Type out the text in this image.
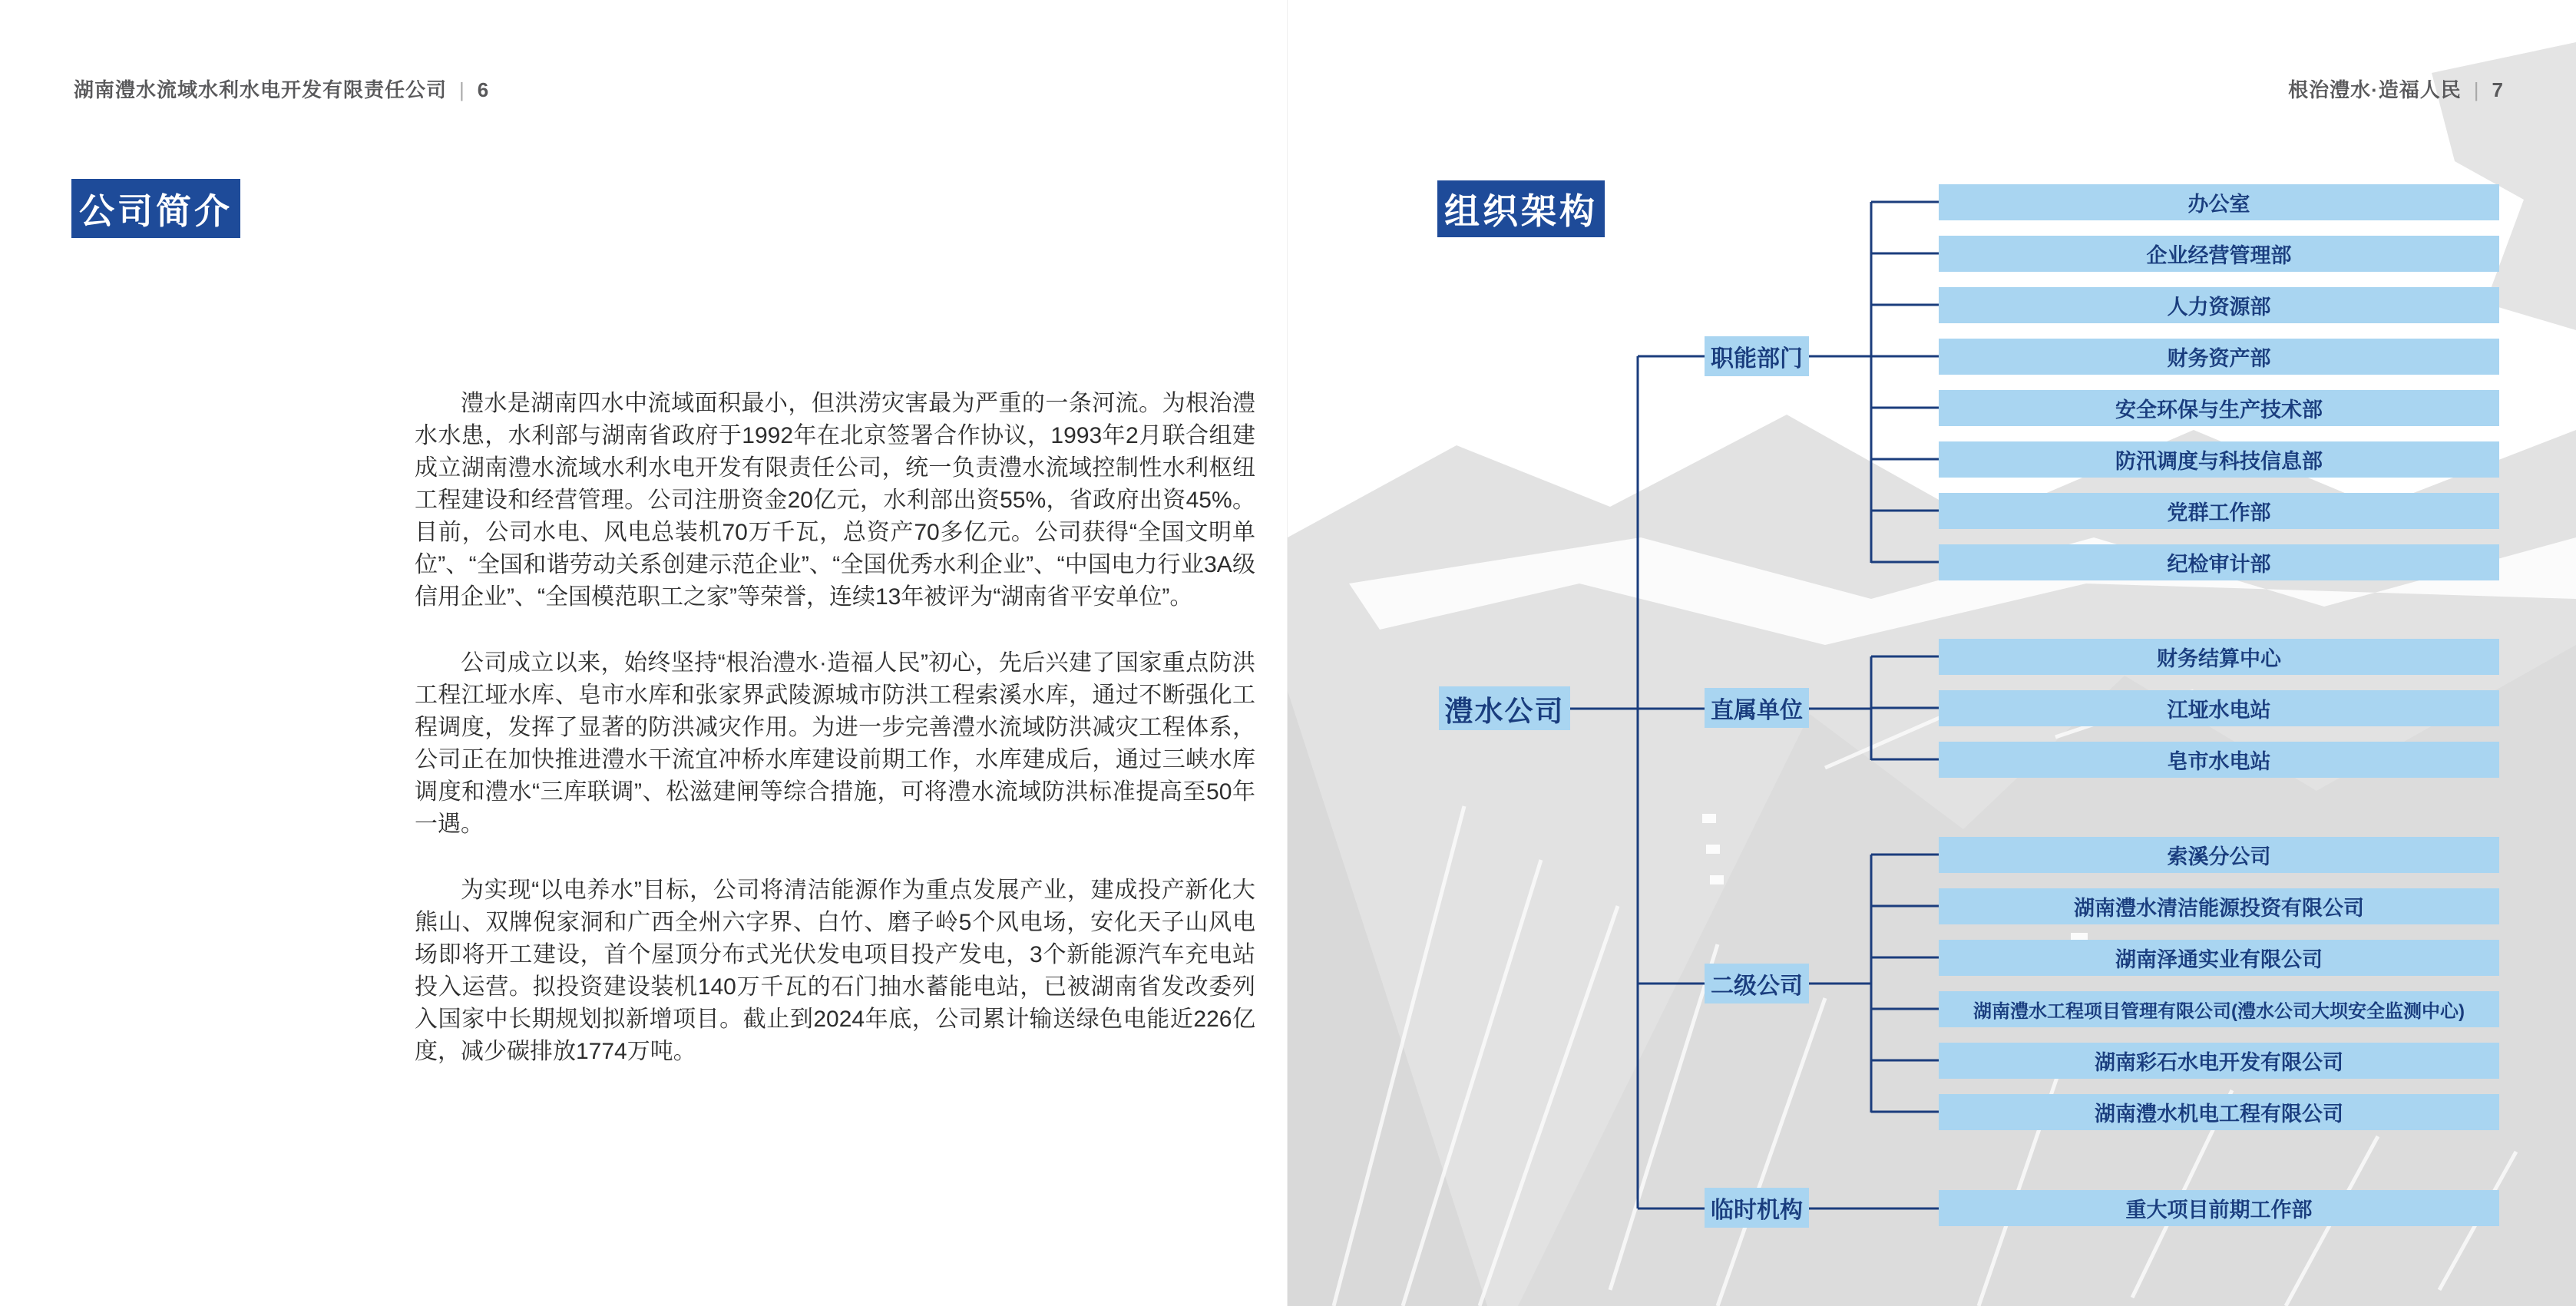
湖南澧水流域水利水电开发有限责任公司 | 6
公司简介

澧水是湖南四水中流域面积最小，但洪涝灾害最为严重的一条河流。为根治澧水水患，水利部与湖南省政府于1992年在北京签署合作协议，1993年2月联合组建成立湖南澧水流域水利水电开发有限责任公司，统一负责澧水流域控制性水利枢纽工程建设和经营管理。公司注册资金20亿元，水利部出资55%，省政府出资45%。目前，公司水电、风电总装机70万千瓦，总资产70多亿元。公司获得“全国文明单位”、“全国和谐劳动关系创建示范企业”、“全国优秀水利企业”、“中国电力行业3A级信用企业”、“全国模范职工之家”等荣誉，连续13年被评为“湖南省平安单位”。

公司成立以来，始终坚持“根治澧水·造福人民”初心，先后兴建了国家重点防洪工程江垭水库、皂市水库和张家界武陵源城市防洪工程索溪水库，通过不断强化工程调度，发挥了显著的防洪减灾作用。为进一步完善澧水流域防洪减灾工程体系，公司正在加快推进澧水干流宜冲桥水库建设前期工作，水库建成后，通过三峡水库调度和澧水“三库联调”、松滋建闸等综合措施，可将澧水流域防洪标准提高至50年一遇。

为实现“以电养水”目标，公司将清洁能源作为重点发展产业，建成投产新化大熊山、双牌倪家洞和广西全州六字界、白竹、磨子岭5个风电场，安化天子山风电场即将开工建设，首个屋顶分布式光伏发电项目投产发电，3个新能源汽车充电站投入运营。拟投资建设装机140万千瓦的石门抽水蓄能电站，已被湖南省发改委列入国家中长期规划拟新增项目。截止到2024年底，公司累计输送绿色电能近226亿度，减少碳排放1774万吨。

根治澧水·造福人民 | 7
组织架构
澧水公司
职能部门
直属单位
二级公司
临时机构
办公室
企业经营管理部
人力资源部
财务资产部
安全环保与生产技术部
防汛调度与科技信息部
党群工作部
纪检审计部
财务结算中心
江垭水电站
皂市水电站
索溪分公司
湖南澧水清洁能源投资有限公司
湖南泽通实业有限公司
湖南澧水工程项目管理有限公司(澧水公司大坝安全监测中心)
湖南彩石水电开发有限公司
湖南澧水机电工程有限公司
重大项目前期工作部
